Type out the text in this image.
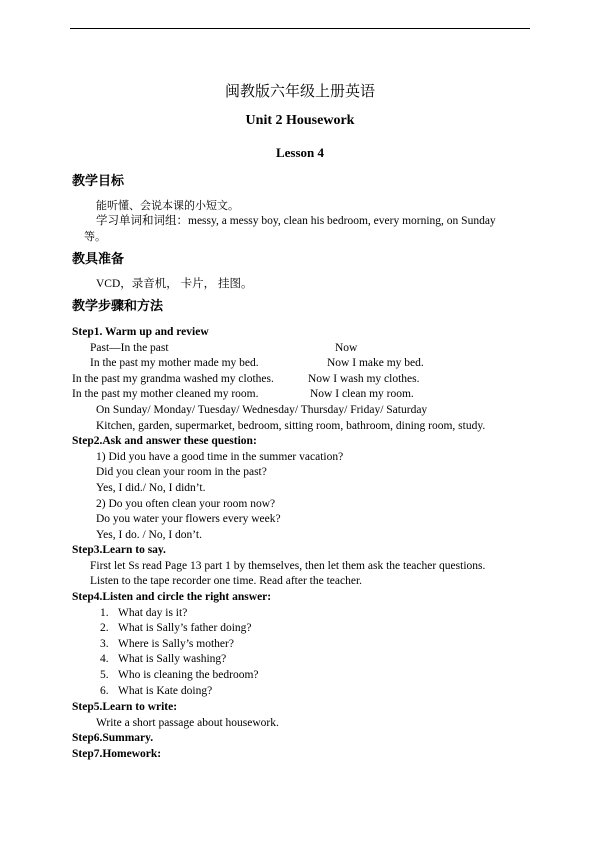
闽教版六年级上册英语
Unit 2 Housework
Lesson 4
教学目标
能听懂、会说本课的小短文。
学习单词和词组：messy, a messy boy, clean his bedroom, every morning, on Sunday
等。
教具准备
VCD，录音机， 卡片， 挂图。
教学步骤和方法
Step1. Warm up and review
Past—In the past	Now
In the past my mother made my bed.	Now I make my bed.
In the past my grandma washed my clothes.	Now I wash my clothes.
In the past my mother cleaned my room.	Now I clean my room.
On Sunday/ Monday/ Tuesday/ Wednesday/ Thursday/ Friday/ Saturday
Kitchen, garden, supermarket, bedroom, sitting room, bathroom, dining room, study.
Step2.Ask and answer these question:
1) Did you have a good time in the summer vacation?
Did you clean your room in the past?
Yes, I did./ No, I didn’t.
2) Do you often clean your room now?
Do you water your flowers every week?
Yes, I do. / No, I don’t.
Step3.Learn to say.
First let Ss read Page 13 part 1 by themselves, then let them ask the teacher questions.
Listen to the tape recorder one time. Read after the teacher.
Step4.Listen and circle the right answer:
1. What day is it?
2. What is Sally’s father doing?
3. Where is Sally’s mother?
4. What is Sally washing?
5. Who is cleaning the bedroom?
6. What is Kate doing?
Step5.Learn to write:
Write a short passage about housework.
Step6.Summary.
Step7.Homework:
